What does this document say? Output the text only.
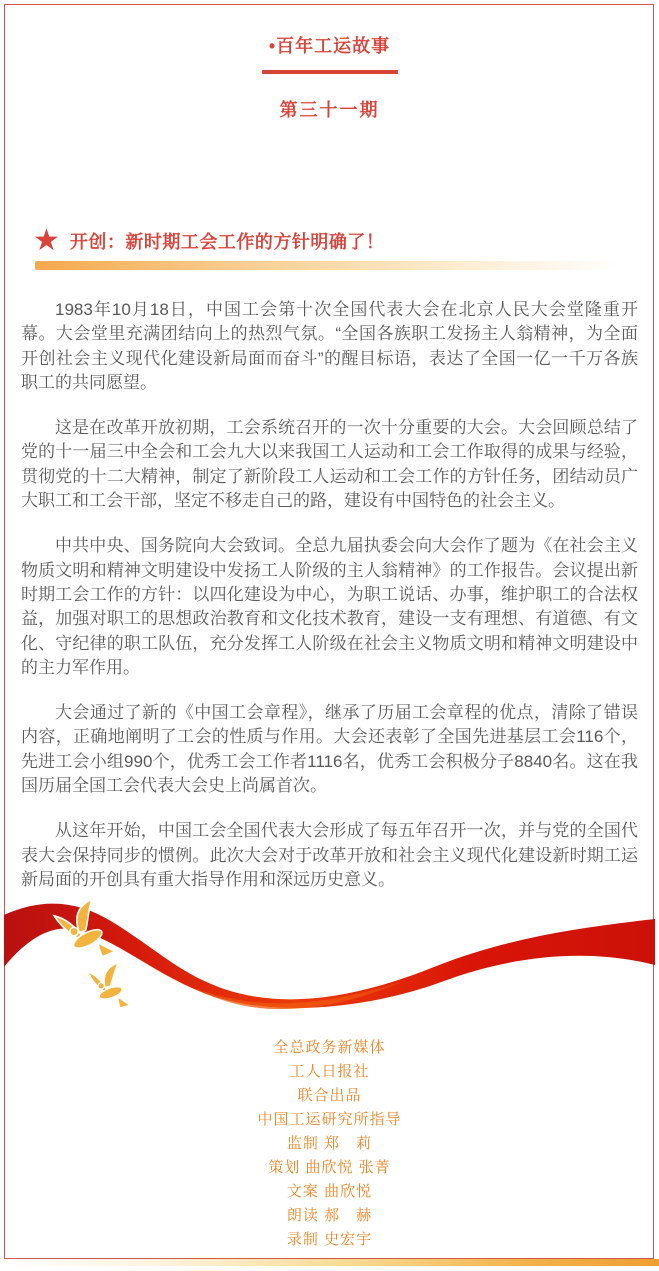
•百年工运故事
第三十一期
★ 开创：新时期工会工作的方针明确了！

1983年10月18日，中国工会第十次全国代表大会在北京人民大会堂隆重开幕。大会堂里充满团结向上的热烈气氛。“全国各族职工发扬主人翁精神，为全面开创社会主义现代化建设新局面而奋斗”的醒目标语，表达了全国一亿一千万各族职工的共同愿望。

这是在改革开放初期，工会系统召开的一次十分重要的大会。大会回顾总结了党的十一届三中全会和工会九大以来我国工人运动和工会工作取得的成果与经验，贯彻党的十二大精神，制定了新阶段工人运动和工会工作的方针任务，团结动员广大职工和工会干部，坚定不移走自己的路，建设有中国特色的社会主义。

中共中央、国务院向大会致词。全总九届执委会向大会作了题为《在社会主义物质文明和精神文明建设中发扬工人阶级的主人翁精神》的工作报告。会议提出新时期工会工作的方针：以四化建设为中心，为职工说话、办事，维护职工的合法权益，加强对职工的思想政治教育和文化技术教育，建设一支有理想、有道德、有文化、守纪律的职工队伍，充分发挥工人阶级在社会主义物质文明和精神文明建设中的主力军作用。

大会通过了新的《中国工会章程》，继承了历届工会章程的优点，清除了错误内容，正确地阐明了工会的性质与作用。大会还表彰了全国先进基层工会116个，先进工会小组990个，优秀工会工作者1116名，优秀工会积极分子8840名。这在我国历届全国工会代表大会史上尚属首次。

从这年开始，中国工会全国代表大会形成了每五年召开一次，并与党的全国代表大会保持同步的惯例。此次大会对于改革开放和社会主义现代化建设新时期工运新局面的开创具有重大指导作用和深远历史意义。

全总政务新媒体
工人日报社
联合出品
中国工运研究所指导
监制 郑　莉
策划 曲欣悦 张菁
文案 曲欣悦
朗读 郝　赫
录制 史宏宇
